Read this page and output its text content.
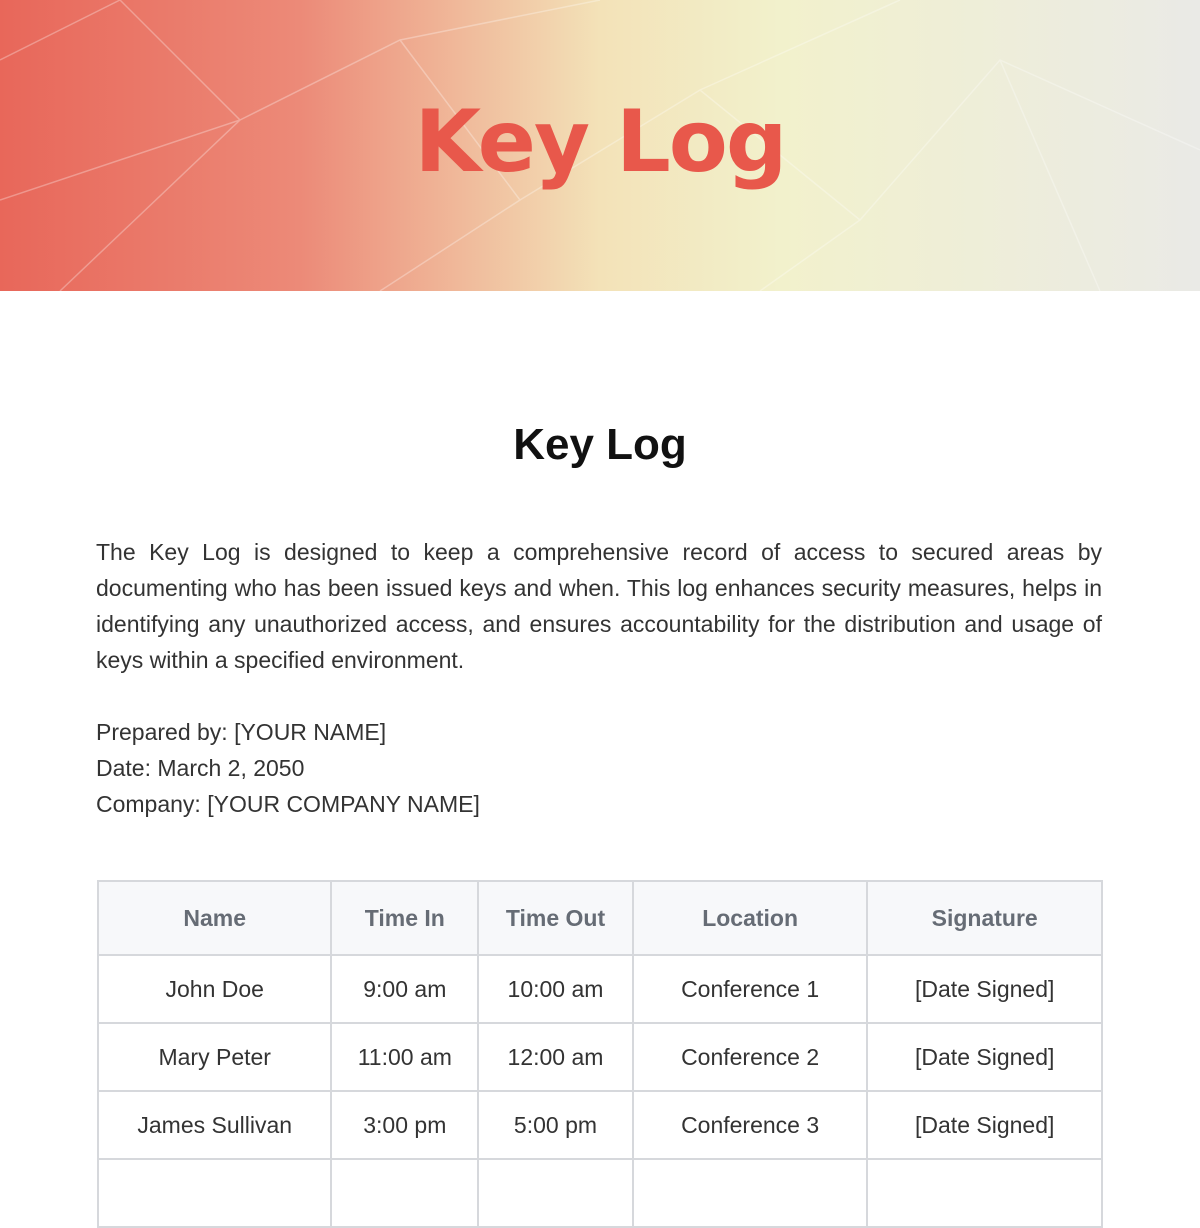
Key Log
Key Log
The Key Log is designed to keep a comprehensive record of access to secured areas by documenting who has been issued keys and when. This log enhances security measures, helps in identifying any unauthorized access, and ensures accountability for the distribution and usage of keys within a specified environment.
Prepared by: [YOUR NAME]
Date: March 2, 2050
Company: [YOUR COMPANY NAME]
Name	Time In	Time Out	Location	Signature
John Doe	9:00 am	10:00 am	Conference 1	[Date Signed]
Mary Peter	11:00 am	12:00 am	Conference 2	[Date Signed]
James Sullivan	3:00 pm	5:00 pm	Conference 3	[Date Signed]
